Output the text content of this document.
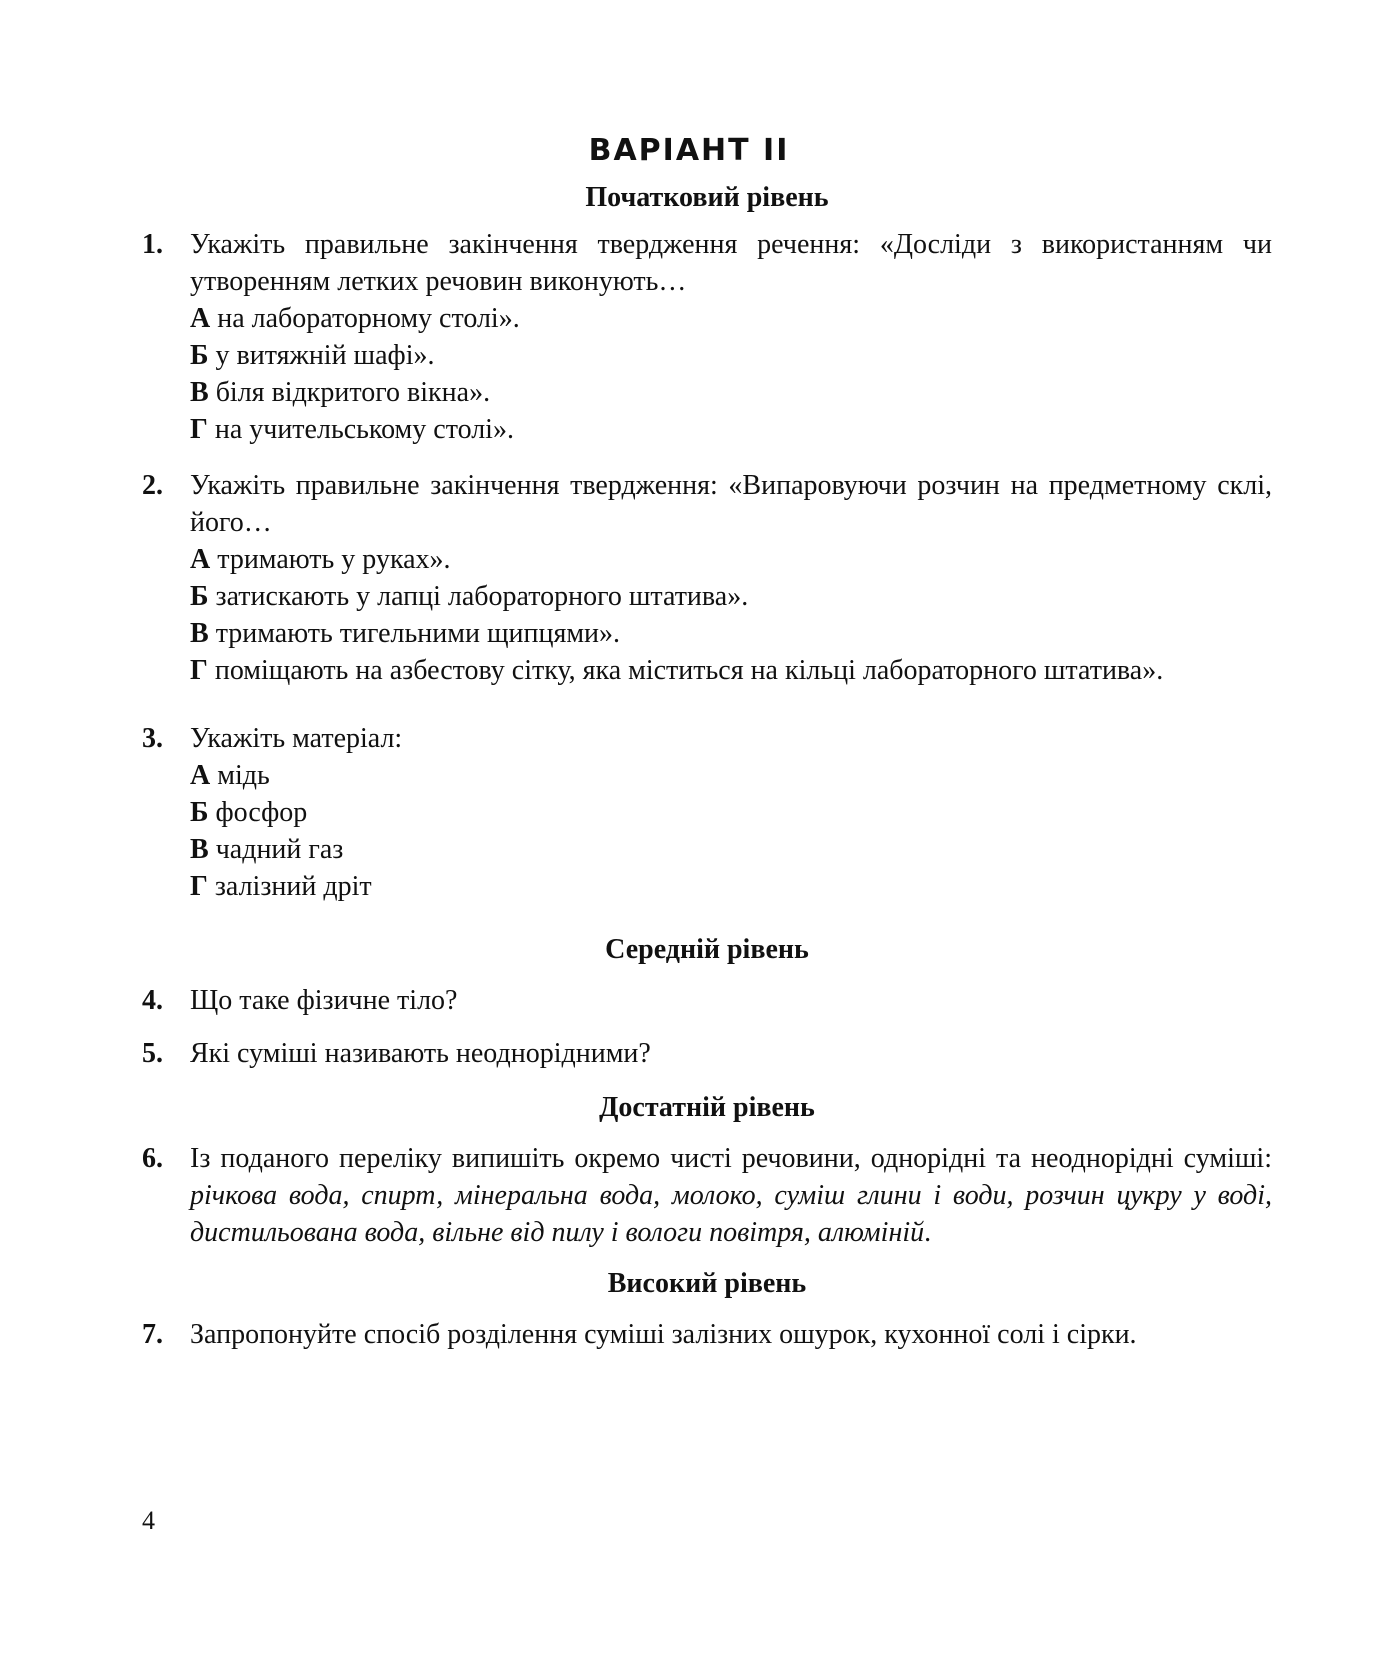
ВАРІАНТ II
Початковий рівень
1. Укажіть правильне закінчення твердження речення: «Досліди з використанням чи утворенням летких речовин виконують…

А на лабораторному столі».

Б у витяжній шафі».

В біля відкритого вікна».

Г на учительському столі».

2. Укажіть правильне закінчення твердження: «Випаровуючи розчин на предметному склі, його…

А тримають у руках».

Б затискають у лапці лабораторного штатива».

В тримають тигельними щипцями».

Г поміщають на азбестову сітку, яка міститься на кільці лабораторного штатива».

3. Укажіть матеріал:

А мідь

Б фосфор

В чадний газ

Г залізний дріт

Середній рівень
4. Що таке фізичне тіло?

5. Які суміші називають неоднорідними?

Достатній рівень
6. Із поданого переліку випишіть окремо чисті речовини, однорідні та неоднорідні суміші: річкова вода, спирт, мінеральна вода, молоко, суміш глини і води, розчин цукру у воді, дистильована вода, вільне від пилу і вологи повітря, алюміній.

Високий рівень
7. Запропонуйте спосіб розділення суміші залізних ошурок, кухонної солі і сірки.

4
